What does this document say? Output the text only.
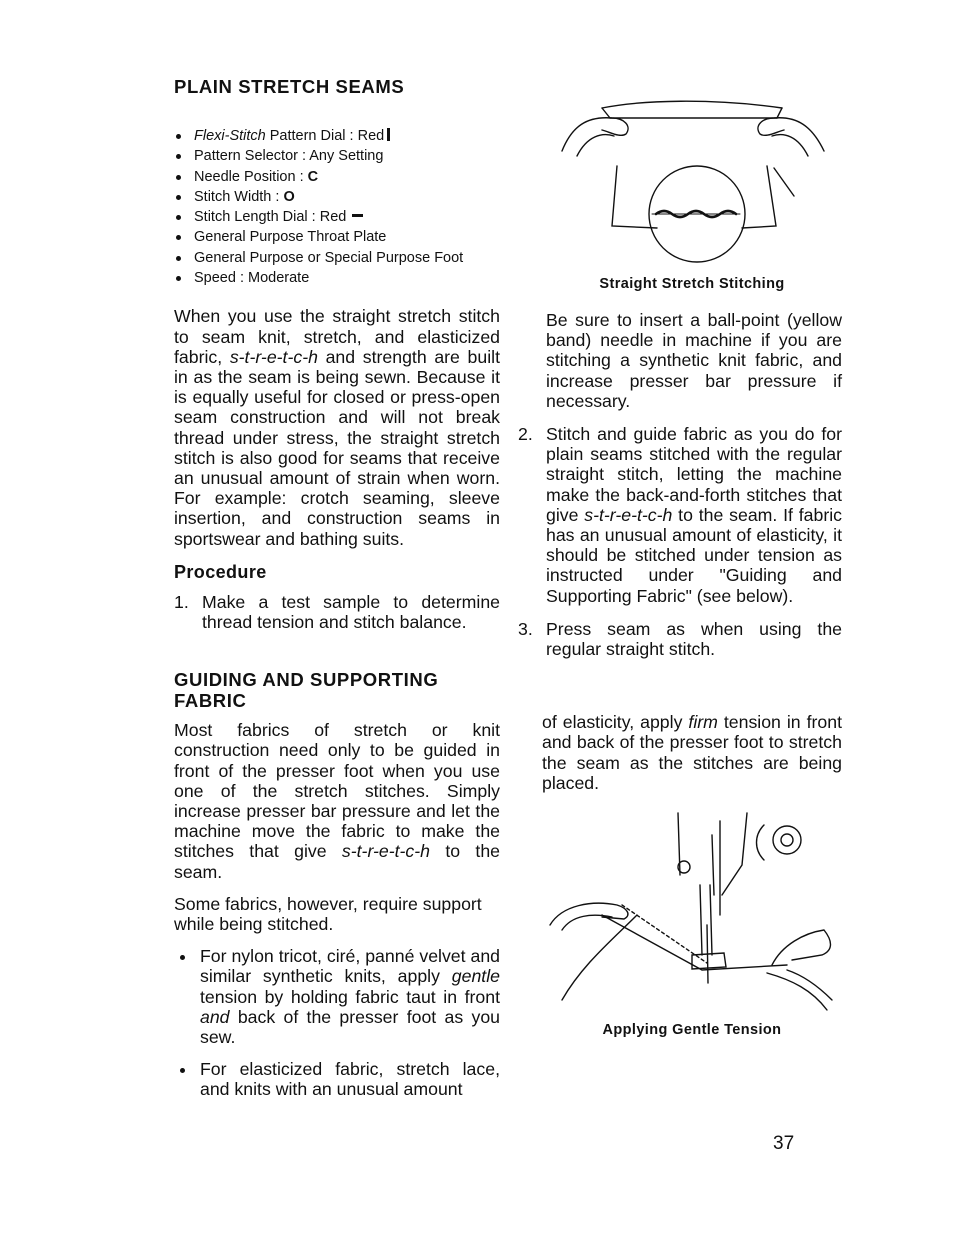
PLAIN STRETCH SEAMS
Flexi-Stitch Pattern Dial : Red
Pattern Selector : Any Setting
Needle Position : C
Stitch Width : O
Stitch Length Dial : Red
General Purpose Throat Plate
General Purpose or Special Purpose Foot
Speed : Moderate

When you use the straight stretch stitch to seam knit, stretch, and elasticized fabric, s-t-r-e-t-c-h and strength are built in as the seam is being sewn. Because it is equally useful for closed or press-open seam construction and will not break thread under stress, the straight stretch stitch is also good for seams that receive an unusual amount of strain when worn. For example: crotch seaming, sleeve insertion, and construction seams in sportswear and bathing suits.

Procedure
1. Make a test sample to determine thread tension and stitch balance.
GUIDING AND SUPPORTING
FABRIC

Most fabrics of stretch or knit construction need only to be guided in front of the presser foot when you use one of the stretch stitches. Simply increase presser bar pressure and let the machine move the fabric to make the stitches that give s-t-r-e-t-c-h to the seam.

Some fabrics, however, require support while being stitched.

For nylon tricot, ciré, panné velvet and similar synthetic knits, apply gentle tension by holding fabric taut in front and back of the presser foot as you sew.
For elasticized fabric, stretch lace, and knits with an unusual amount
Straight Stretch Stitching

Be sure to insert a ball-point (yellow band) needle in machine if you are stitching a synthetic knit fabric, and increase presser bar pressure if necessary.

2. Stitch and guide fabric as you do for plain seams stitched with the regular straight stitch, letting the machine make the back-and-forth stitches that give s-t-r-e-t-c-h to the seam. If fabric has an unusual amount of elasticity, it should be stitched under tension as instructed under "Guiding and Supporting Fabric" (see below).
3. Press seam as when using the regular straight stitch.

of elasticity, apply firm tension in front and back of the presser foot to stretch the seam as the stitches are being placed.

Applying Gentle Tension
37
